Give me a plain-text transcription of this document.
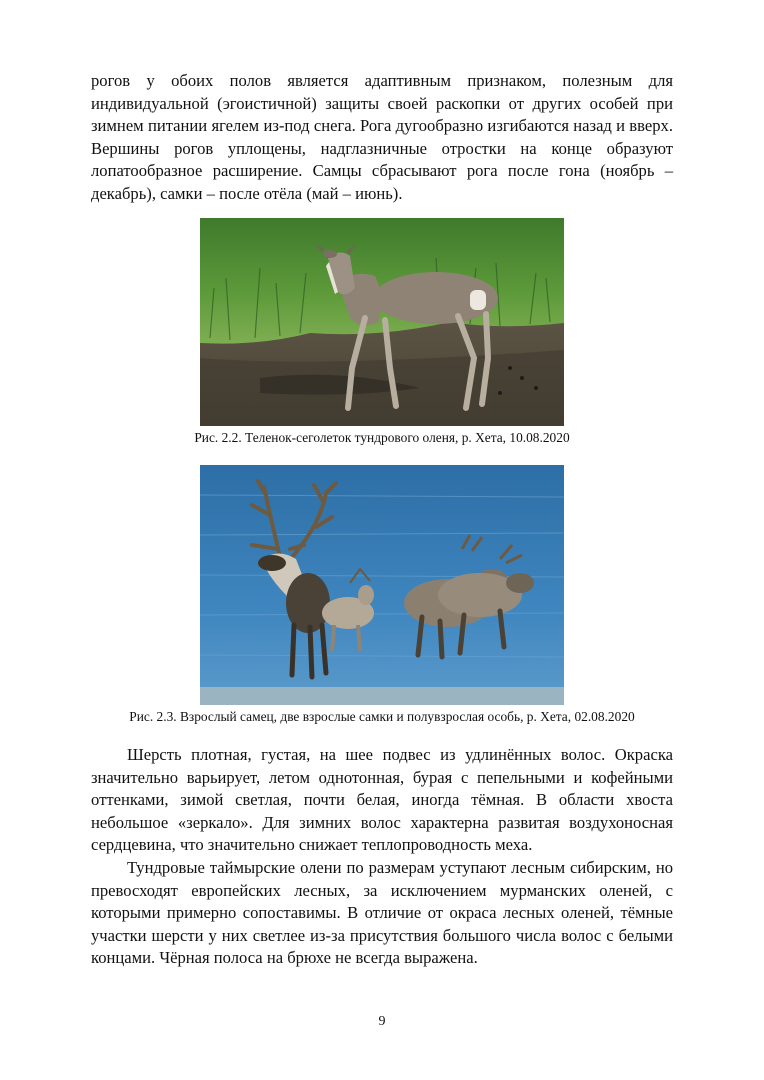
рогов у обоих полов является адаптивным признаком, полезным для индивидуальной (эгоистичной) защиты своей раскопки от других особей при зимнем питании ягелем из-под снега. Рога дугообразно изгибаются назад и вверх. Вершины рогов уплощены, надглазничные отростки на конце образуют лопатообразное расширение. Самцы сбрасывают рога после гона (ноябрь – декабрь), самки – после отёла (май – июнь).

Рис. 2.2. Теленок-сеголеток тундрового оленя, р. Хета, 10.08.2020
Рис. 2.3. Взрослый самец, две взрослые самки и полувзрослая особь, р. Хета, 02.08.2020

Шерсть плотная, густая, на шее подвес из удлинённых волос. Окраска значительно варьирует, летом однотонная, бурая с пепельными и кофейными оттенками, зимой светлая, почти белая, иногда тёмная. В области хвоста небольшое «зеркало». Для зимних волос характерна развитая воздухоносная сердцевина, что значительно снижает теплопроводность меха.

Тундровые таймырские олени по размерам уступают лесным сибирским, но превосходят европейских лесных, за исключением мурманских оленей, с которыми примерно сопоставимы. В отличие от окраса лесных оленей, тёмные участки шерсти у них светлее из-за присутствия большого числа волос с белыми концами. Чёрная полоса на брюхе не всегда выражена.

9
